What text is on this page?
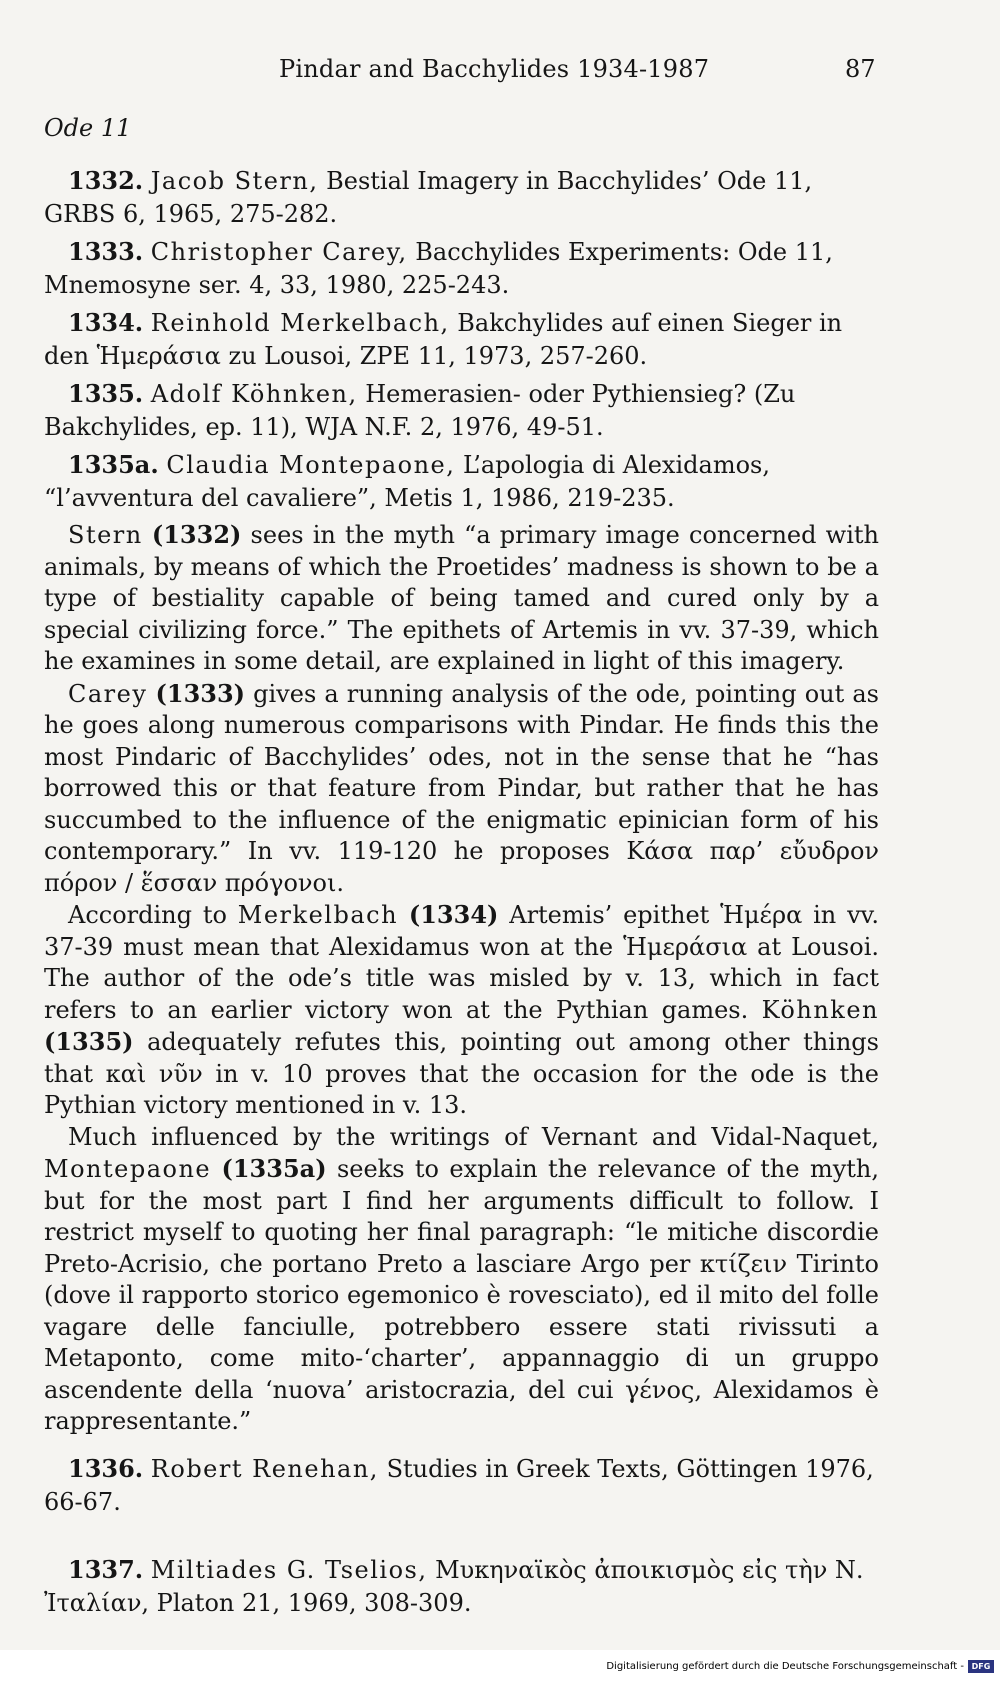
Pindar and Bacchylides 1934-1987	87
Ode 11

1332. Jacob Stern, Bestial Imagery in Bacchylides’ Ode 11, GRBS 6, 1965, 275-282.

1333. Christopher Carey, Bacchylides Experiments: Ode 11, Mnemosyne ser. 4, 33, 1980, 225-243.

1334. Reinhold Merkelbach, Bakchylides auf einen Sieger in den Ἡμεράσια zu Lousoi, ZPE 11, 1973, 257-260.

1335. Adolf Köhnken, Hemerasien- oder Pythiensieg? (Zu Bakchylides, ep. 11), WJA N.F. 2, 1976, 49-51.

1335a. Claudia Montepaone, L’apologia di Alexidamos, “l’avventura del cavaliere”, Metis 1, 1986, 219-235.

Stern (1332) sees in the myth “a primary image concerned with animals, by means of which the Proetides’ madness is shown to be a type of bestiality capable of being tamed and cured only by a special civilizing force.” The epithets of Artemis in vv. 37-39, which he examines in some detail, are explained in light of this imagery.

Carey (1333) gives a running analysis of the ode, pointing out as he goes along numerous comparisons with Pindar. He finds this the most Pindaric of Bacchylides’ odes, not in the sense that he “has borrowed this or that feature from Pindar, but rather that he has succumbed to the influence of the enigmatic epinician form of his contemporary.” In vv. 119-120 he proposes Κάσα παρ’ εὔυδρον πόρον / ἕσσαν πρόγονοι.

According to Merkelbach (1334) Artemis’ epithet Ἡμέρα in vv. 37-39 must mean that Alexidamus won at the Ἡμεράσια at Lousoi. The author of the ode’s title was misled by v. 13, which in fact refers to an earlier victory won at the Pythian games. Köhnken (1335) adequately refutes this, pointing out among other things that καὶ νῦν in v. 10 proves that the occasion for the ode is the Pythian victory mentioned in v. 13.

Much influenced by the writings of Vernant and Vidal-Naquet, Montepaone (1335a) seeks to explain the relevance of the myth, but for the most part I find her arguments difficult to follow. I restrict myself to quoting her final paragraph: “le mitiche discordie Preto-Acrisio, che portano Preto a lasciare Argo per κτίζειν Tirinto (dove il rapporto storico egemonico è rovesciato), ed il mito del folle vagare delle fanciulle, potrebbero essere stati rivissuti a Metaponto, come mito-‘charter’, appannaggio di un gruppo ascendente della ‘nuova’ aristocrazia, del cui γένος, Alexidamos è rappresentante.”

1336. Robert Renehan, Studies in Greek Texts, Göttingen 1976, 66-67.

1337. Miltiades G. Tselios, Μυκηναϊκὸς ἀποικισμὸς εἰς τὴν Ν. Ἰταλίαν, Platon 21, 1969, 308-309.

Digitalisierung gefördert durch die Deutsche Forschungsgemeinschaft - DFG
